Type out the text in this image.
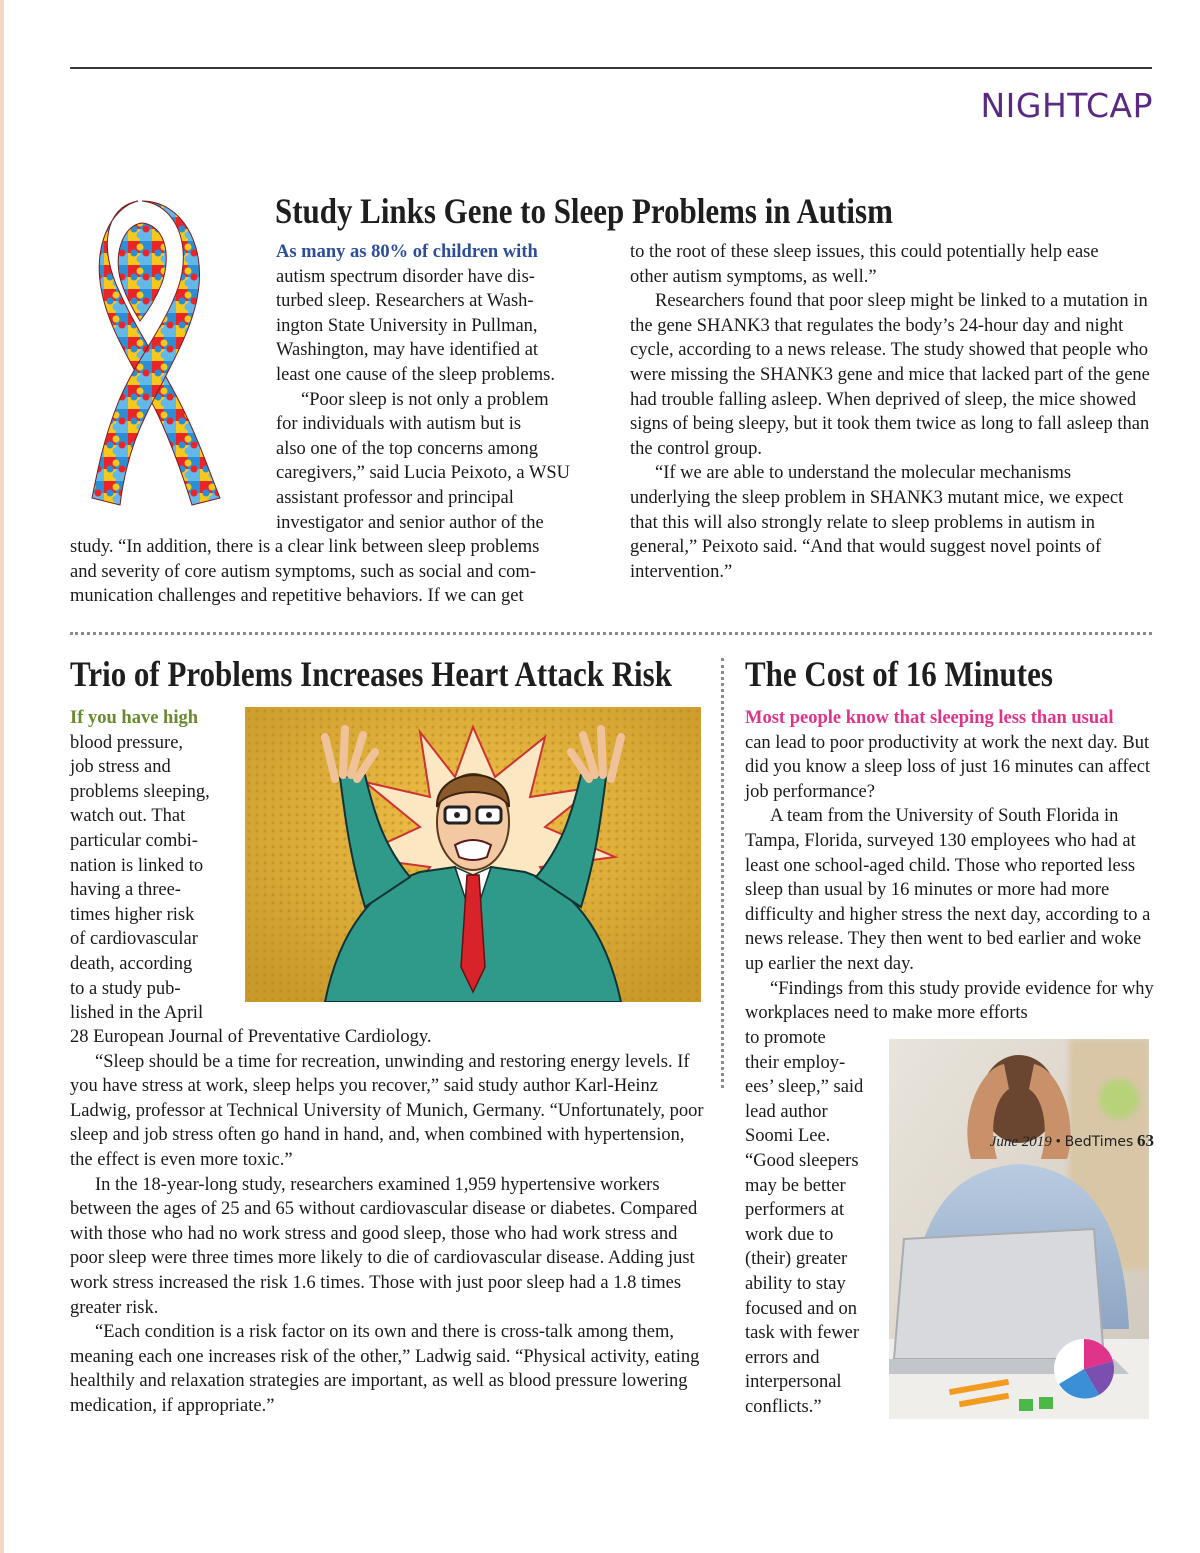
NIGHTCAP
Study Links Gene to Sleep Problems in Autism
As many as 80% of children with
autism spectrum disorder have dis-
turbed sleep. Researchers at Wash-
ington State University in Pullman,
Washington, may have identified at
least one cause of the sleep problems.
“Poor sleep is not only a problem
for individuals with autism but is
also one of the top concerns among
caregivers,” said Lucia Peixoto, a WSU
assistant professor and principal
investigator and senior author of the
study. “In addition, there is a clear link between sleep problems
and severity of core autism symptoms, such as social and com-
munication challenges and repetitive behaviors. If we can get
to the root of these sleep issues, this could potentially help ease
other autism symptoms, as well.”

Researchers found that poor sleep might be linked to a mutation in the gene SHANK3 that regulates the body’s 24-hour day and night cycle, according to a news release. The study showed that people who were missing the SHANK3 gene and mice that lacked part of the gene had trouble falling asleep. When deprived of sleep, the mice showed signs of being sleepy, but it took them twice as long to fall asleep than the control group.

“If we are able to understand the molecular mechanisms underlying the sleep problem in SHANK3 mutant mice, we expect that this will also strongly relate to sleep problems in autism in general,” Peixoto said. “And that would suggest novel points of intervention.”

Trio of Problems Increases Heart Attack Risk
If you have high
blood pressure,
job stress and
problems sleeping,
watch out. That
particular combi-
nation is linked to
having a three-
times higher risk
of cardiovascular
death, according
to a study pub-
lished in the April
28 European Journal of Preventative Cardiology.

“Sleep should be a time for recreation, unwinding and restoring energy levels. If you have stress at work, sleep helps you recover,” said study author Karl-Heinz Ladwig, professor at Technical University of Munich, Germany. “Unfortunately, poor sleep and job stress often go hand in hand, and, when combined with hypertension, the effect is even more toxic.”

In the 18-year-long study, researchers examined 1,959 hypertensive workers between the ages of 25 and 65 without cardiovascular disease or diabetes. Compared with those who had no work stress and good sleep, those who had work stress and poor sleep were three times more likely to die of cardiovascular disease. Adding just work stress increased the risk 1.6 times. Those with just poor sleep had a 1.8 times greater risk.

“Each condition is a risk factor on its own and there is cross-talk among them, meaning each one increases risk of the other,” Ladwig said. “Physical activity, eating healthily and relaxation strategies are important, as well as blood pressure lowering medication, if appropriate.”

The Cost of 16 Minutes
Most people know that sleeping less than usual

can lead to poor productivity at work the next day. But did you know a sleep loss of just 16 minutes can affect job performance?

A team from the University of South Florida in Tampa, Florida, surveyed 130 employees who had at least one school-aged child. Those who reported less sleep than usual by 16 minutes or more had more difficulty and higher stress the next day, according to a news release. They then went to bed earlier and woke up earlier the next day.

“Findings from this study provide evidence for why workplaces need to make more efforts

to promote
their employ-
ees’ sleep,” said
lead author
Soomi Lee.
“Good sleepers
may be better
performers at
work due to
(their) greater
ability to stay
focused and on
task with fewer
errors and
interpersonal
conflicts.”
June 2019 • BedTimes 63
